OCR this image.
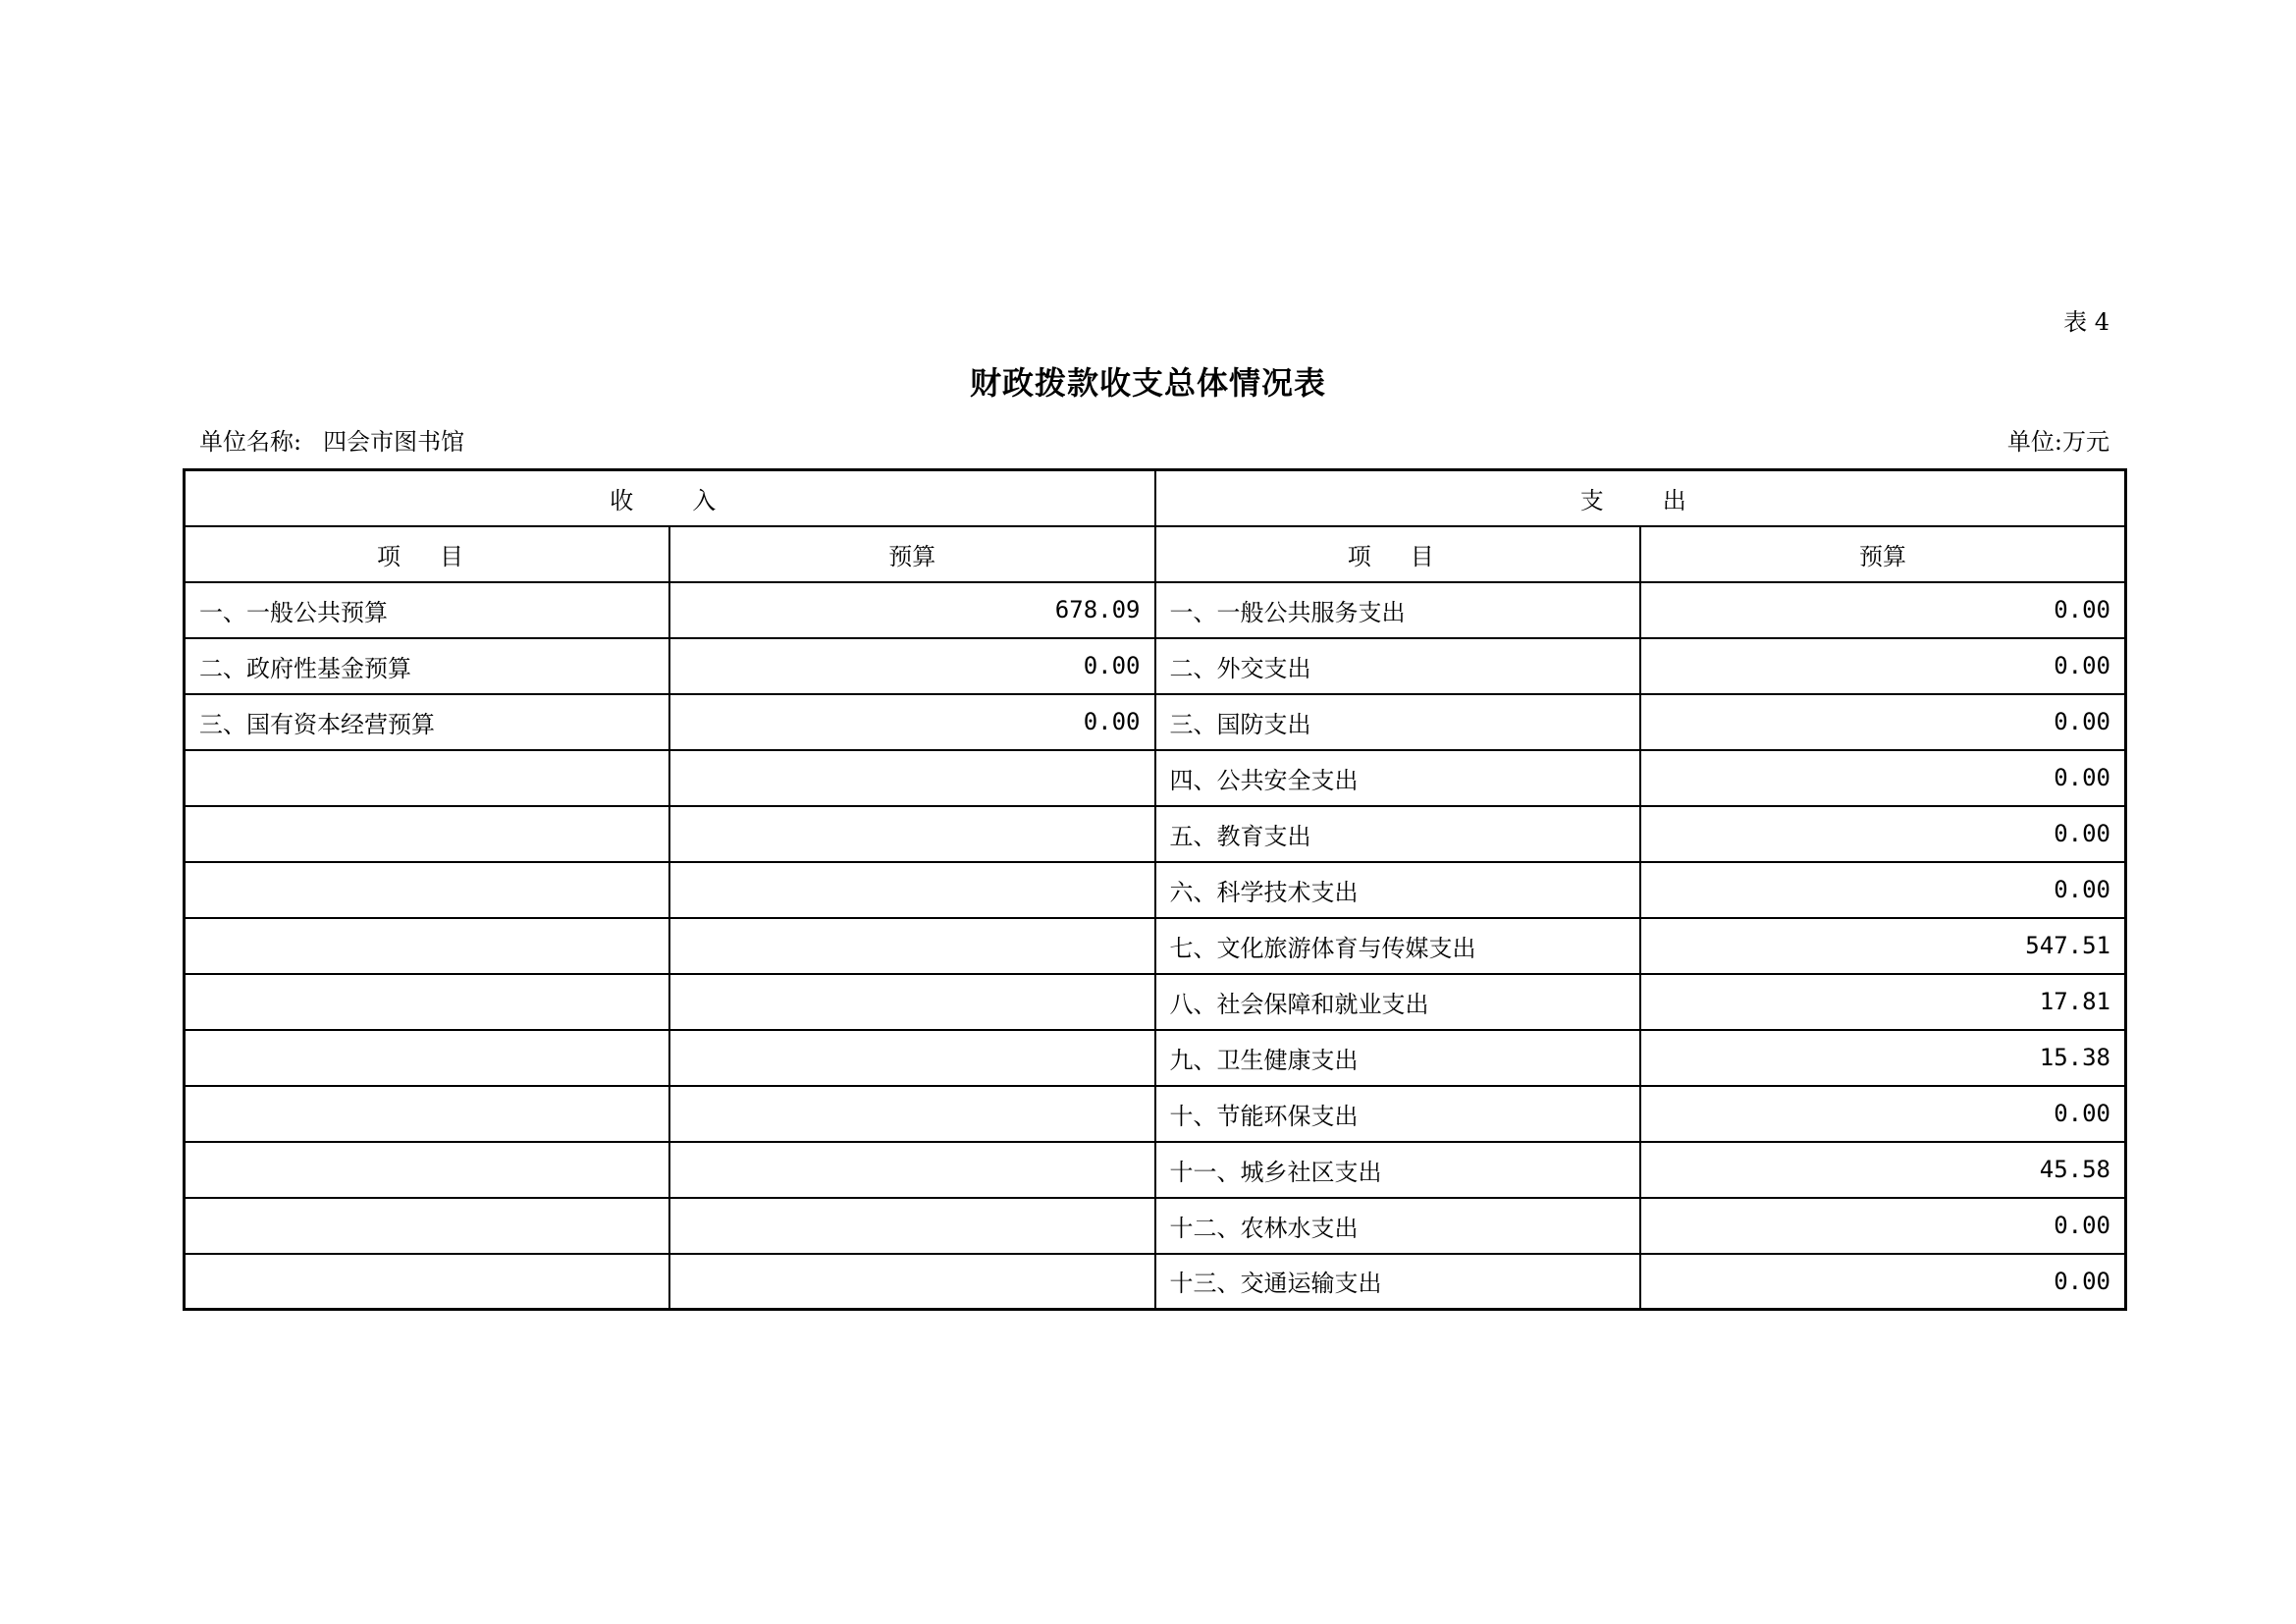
表 4
财政拨款收支总体情况表
单位名称: 四会市图书馆	单位:万元
收入		支出	
项目	预算	项目	预算
一、一般公共预算	678.09	一、一般公共服务支出	0.00
二、政府性基金预算	0.00	二、外交支出	0.00
三、国有资本经营预算	0.00	三、国防支出	0.00
		四、公共安全支出	0.00
		五、教育支出	0.00
		六、科学技术支出	0.00
		七、文化旅游体育与传媒支出	547.51
		八、社会保障和就业支出	17.81
		九、卫生健康支出	15.38
		十、节能环保支出	0.00
		十一、城乡社区支出	45.58
		十二、农林水支出	0.00
		十三、交通运输支出	0.00
